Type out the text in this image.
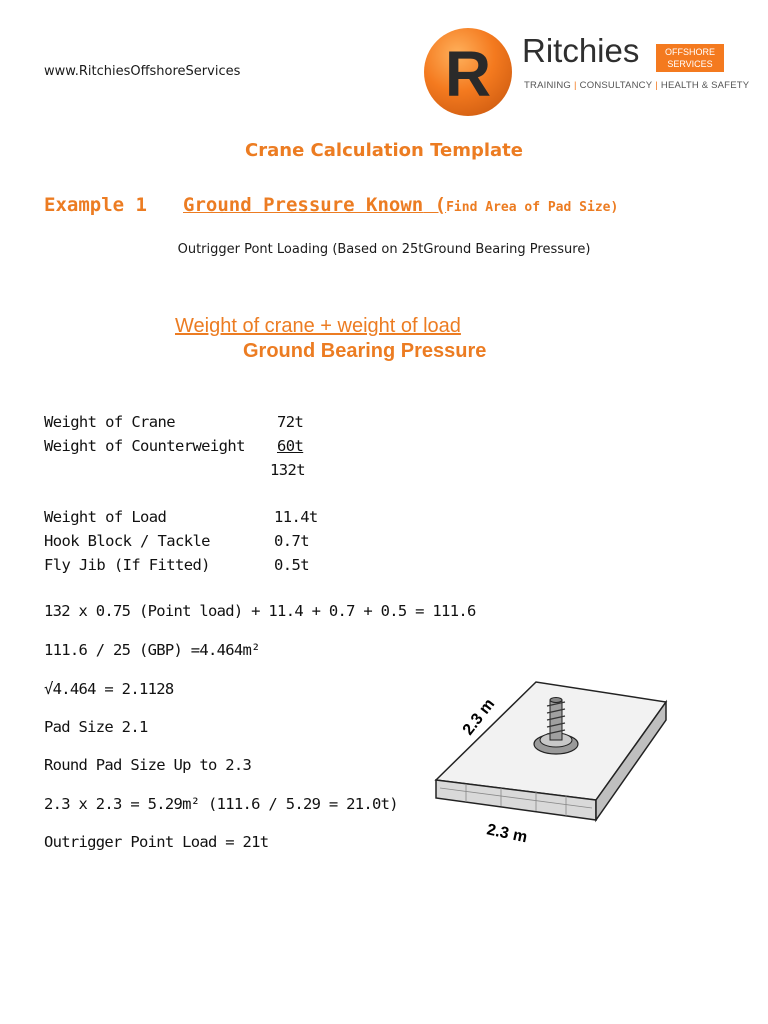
www.RitchiesOffshoreServices	R Ritchies	OFFSHORE
SERVICES
TRAINING | CONSULTANCY | HEALTH & SAFETY
Crane Calculation Template
Example 1 Ground Pressure Known (Find Area of Pad Size)
Outrigger Pont Loading (Based on 25tGround Bearing Pressure)
Weight of crane + weight of load
Ground Bearing Pressure
Weight of Crane	72t
Weight of Counterweight 60t
132t
Weight of Load	11.4t
Hook Block / Tackle	0.7t
Fly Jib (If Fitted)	0.5t
132 x 0.75 (Point load) + 11.4 + 0.7 + 0.5 = 111.6
111.6 / 25 (GBP) =4.464m²
√4.464 = 2.1128
Pad Size 2.1
Round Pad Size Up to 2.3
2.3 x 2.3 = 5.29m² (111.6 / 5.29 = 21.0t)
Outrigger Point Load = 21t
2.3 m
2.3 m
